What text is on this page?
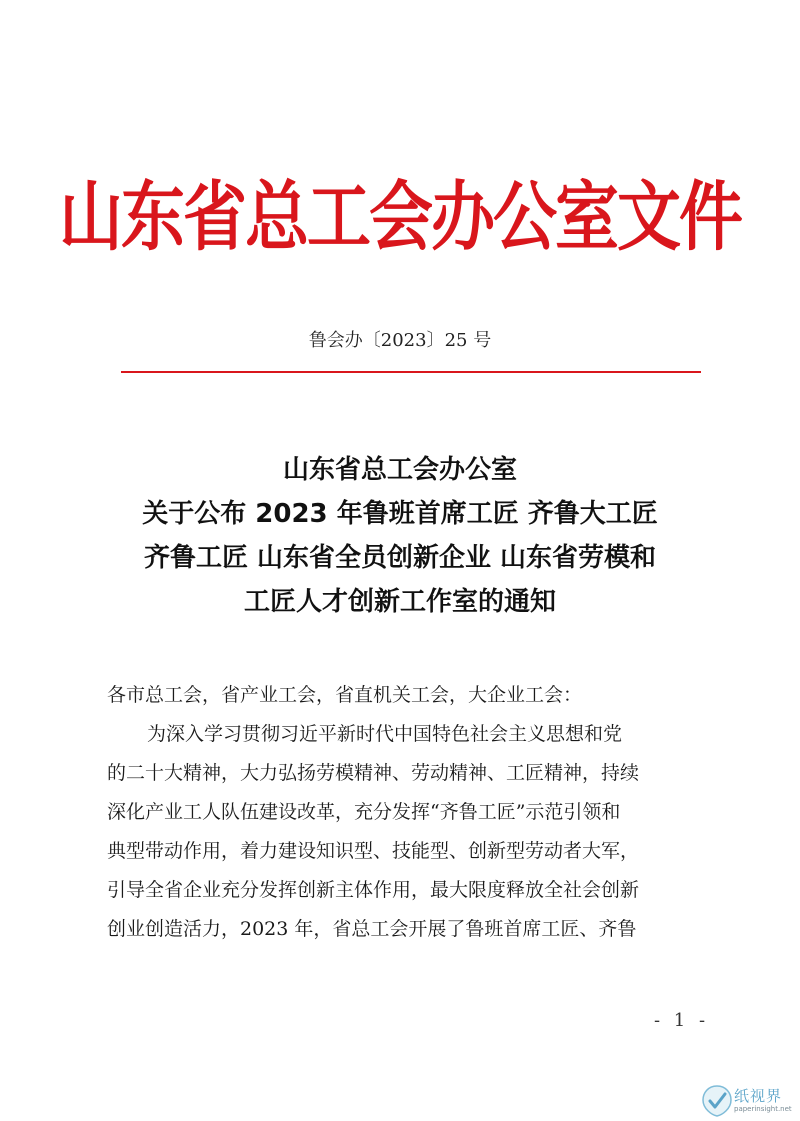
山东省总工会办公室文件
鲁会办〔2023〕25 号
山东省总工会办公室
关于公布 2023 年鲁班首席工匠 齐鲁大工匠
齐鲁工匠 山东省全员创新企业 山东省劳模和
工匠人才创新工作室的通知

各市总工会，省产业工会，省直机关工会，大企业工会：

为深入学习贯彻习近平新时代中国特色社会主义思想和党

的二十大精神，大力弘扬劳模精神、劳动精神、工匠精神，持续

深化产业工人队伍建设改革，充分发挥“齐鲁工匠”示范引领和

典型带动作用，着力建设知识型、技能型、创新型劳动者大军，

引导全省企业充分发挥创新主体作用，最大限度释放全社会创新

创业创造活力，2023 年，省总工会开展了鲁班首席工匠、齐鲁

- 1 -
纸视界
paperinsight.net
